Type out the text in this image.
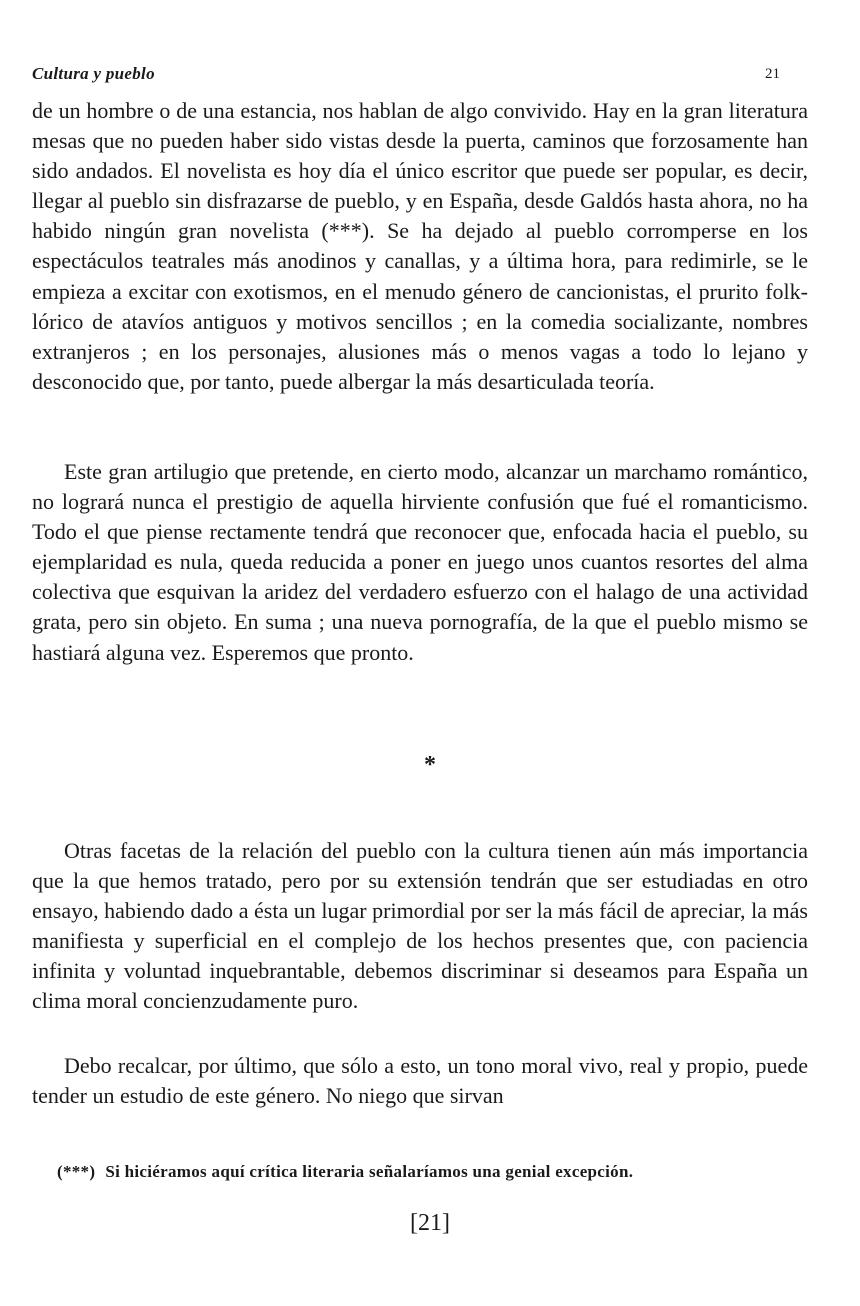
Cultura y pueblo	21

de un hombre o de una estancia, nos hablan de algo convivido. Hay en la gran literatura mesas que no pueden haber sido vistas desde la puerta, caminos que forzosamente han sido andados. El novelista es hoy día el único escritor que puede ser popular, es decir, llegar al pueblo sin disfrazarse de pueblo, y en España, desde Galdós hasta ahora, no ha habido ningún gran novelista (***). Se ha dejado al pueblo corromperse en los espectáculos teatrales más anodinos y canallas, y a última hora, para redimirle, se le empieza a excitar con exotismos, en el menudo género de cancionistas, el prurito folk-lórico de atavíos antiguos y motivos sencillos ; en la comedia socializante, nombres extranjeros ; en los personajes, alusiones más o menos vagas a todo lo lejano y desconocido que, por tanto, puede albergar la más desarticulada teoría.

Este gran artilugio que pretende, en cierto modo, alcanzar un marchamo romántico, no logrará nunca el prestigio de aquella hirviente confusión que fué el romanticismo. Todo el que piense rectamente tendrá que reconocer que, enfocada hacia el pueblo, su ejemplaridad es nula, queda reducida a poner en juego unos cuantos resortes del alma colectiva que esquivan la aridez del verdadero esfuerzo con el halago de una actividad grata, pero sin objeto. En suma ; una nueva pornografía, de la que el pueblo mismo se hastiará alguna vez. Esperemos que pronto.

*

Otras facetas de la relación del pueblo con la cultura tienen aún más importancia que la que hemos tratado, pero por su extensión tendrán que ser estudiadas en otro ensayo, habiendo dado a ésta un lugar primordial por ser la más fácil de apreciar, la más manifiesta y superficial en el complejo de los hechos presentes que, con paciencia infinita y voluntad inquebrantable, debemos discriminar si deseamos para España un clima moral concienzudamente puro.

Debo recalcar, por último, que sólo a esto, un tono moral vivo, real y propio, puede tender un estudio de este género. No niego que sirvan

(***) Si hiciéramos aquí crítica literaria señalaríamos una genial excepción.
[21]
